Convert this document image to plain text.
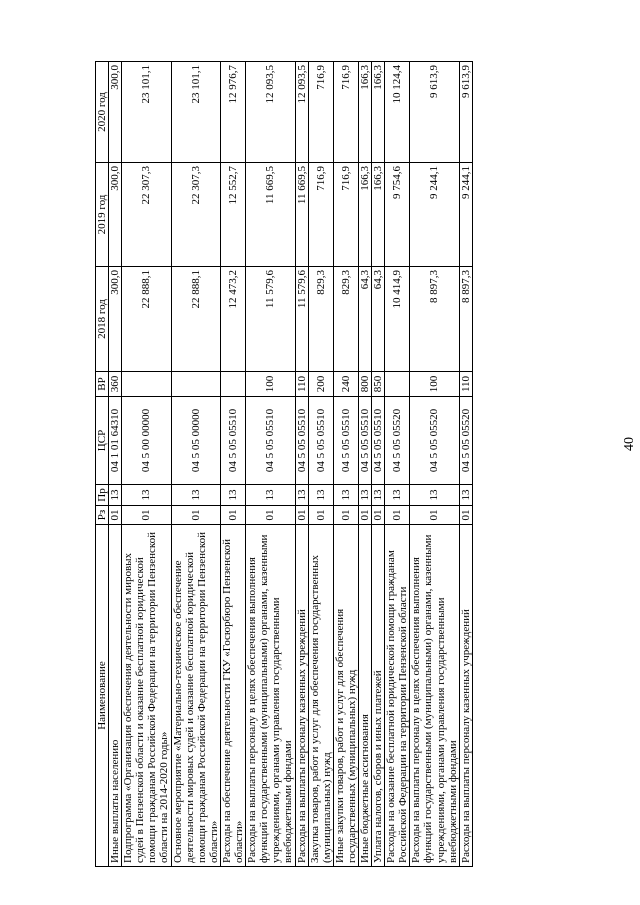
40
Наименование	Рз	Пр	ЦСР	ВР	2018 год	2019 год	2020 год
Иные выплаты населению	01	13	04 1 01 64310	360	300,0	300,0	300,0
Подпрограмма «Организация обеспечения деятельности мировых судей в Пензенской области и оказание бесплатной юридической помощи гражданам Российской Федерации на территории Пензенской области на 2014-2020 годы»	01	13	04 5 00 00000		22 888,1	22 307,3	23 101,1
Основное мероприятие «Материально-техническое обеспечение деятельности мировых судей и оказание бесплатной юридической помощи гражданам Российской Федерации на территории Пензенской области»	01	13	04 5 05 00000		22 888,1	22 307,3	23 101,1
Расходы на обеспечение деятельности ГКУ «Госюрбюро Пензенской области»	01	13	04 5 05 05510		12 473,2	12 552,7	12 976,7
Расходы на выплаты персоналу в целях обеспечения выполнения функций государственными (муниципальными) органами, казенными учреждениями, органами управления государственными внебюджетными фондами	01	13	04 5 05 05510	100	11 579,6	11 669,5	12 093,5
Расходы на выплаты персоналу казенных учреждений	01	13	04 5 05 05510	110	11 579,6	11 669,5	12 093,5
Закупка товаров, работ и услуг для обеспечения государственных (муниципальных) нужд	01	13	04 5 05 05510	200	829,3	716,9	716,9
Иные закупки товаров, работ и услуг для обеспечения государственных (муниципальных) нужд	01	13	04 5 05 05510	240	829,3	716,9	716,9
Иные бюджетные ассигнования	01	13	04 5 05 05510	800	64,3	166,3	166,3
Уплата налогов, сборов и иных платежей	01	13	04 5 05 05510	850	64,3	166,3	166,3
Расходы на оказание бесплатной юридической помощи гражданам Российской Федерации на территории Пензенской области	01	13	04 5 05 05520		10 414,9	9 754,6	10 124,4
Расходы на выплаты персоналу в целях обеспечения выполнения функций государственными (муниципальными) органами, казенными учреждениями, органами управления государственными внебюджетными фондами	01	13	04 5 05 05520	100	8 897,3	9 244,1	9 613,9
Расходы на выплаты персоналу казенных учреждений	01	13	04 5 05 05520	110	8 897,3	9 244,1	9 613,9
